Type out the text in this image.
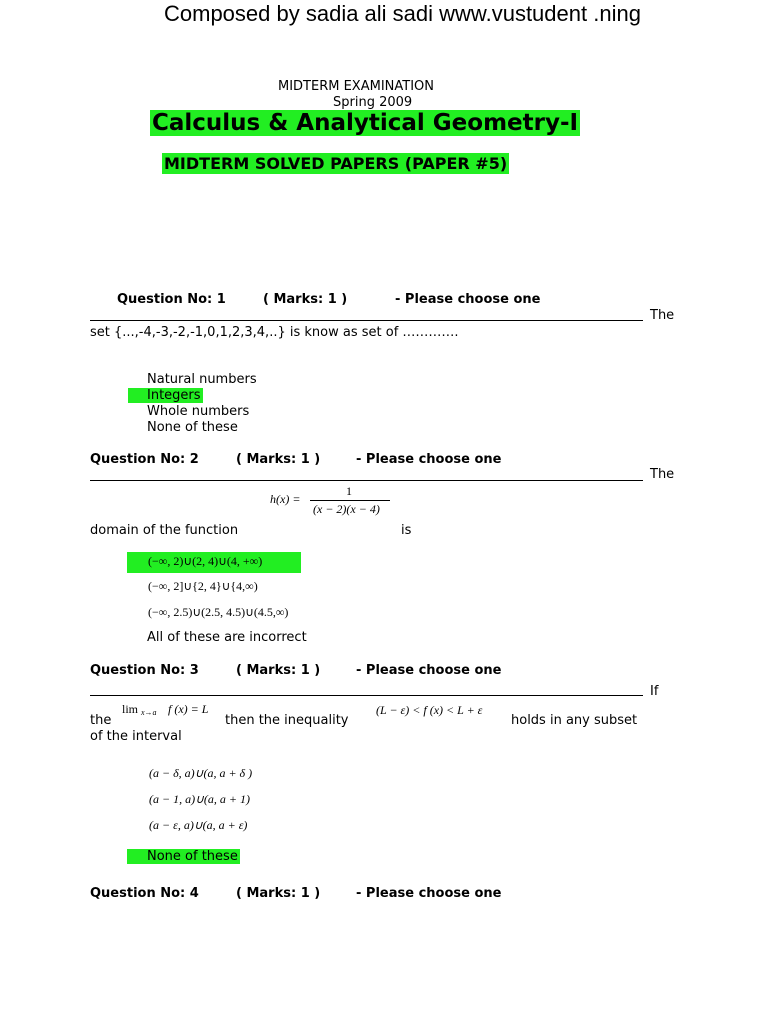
Composed by sadia ali sadi www.vustudent .ning
MIDTERM EXAMINATION
Spring 2009
Calculus & Analytical Geometry-I
MIDTERM SOLVED PAPERS (PAPER #5)
Question No: 1	( Marks: 1 )	- Please choose one
The
set {...,-4,-3,-2,-1,0,1,2,3,4,..} is know as set of ………….
Natural numbers
Integers
Whole numbers
None of these
Question No: 2	( Marks: 1 )	- Please choose one
The
h(x) =
1
(x − 2)(x − 4)
domain of the function	is
(−∞, 2)∪(2, 4)∪(4, +∞)
(−∞, 2]∪{2, 4}∪{4,∞)
(−∞, 2.5)∪(2.5, 4.5)∪(4.5,∞)
All of these are incorrect
Question No: 3	( Marks: 1 )	- Please choose one
If
lim x→a f (x) = L
the	then the inequality
(L − ε) < f (x) < L + ε
holds in any subset
of the interval
(a − δ, a)∪(a, a + δ )
(a − 1, a)∪(a, a + 1)
(a − ε, a)∪(a, a + ε)
None of these
Question No: 4	( Marks: 1 )	- Please choose one
